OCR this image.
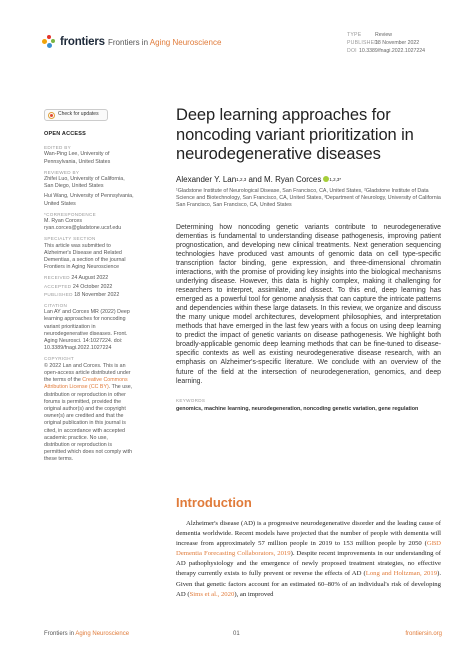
frontiers Frontiers in Aging Neuroscience
TYPE	Review
PUBLISHED18 November 2022
DOI 10.3389/fnagi.2022.1027224
Check for updates
OPEN ACCESS
EDITED BY
Wan-Ping Lee, University of Pennsylvania, United States
REVIEWED BY
Zhifei Luo, University of California, San Diego, United States
Hui Wang, University of Pennsylvania, United States
*CORRESPONDENCE
M. Ryan Corces
ryan.corces@gladstone.ucsf.edu
SPECIALTY SECTION
This article was submitted to Alzheimer's Disease and Related Dementias, a section of the journal Frontiers in Aging Neuroscience
RECEIVED 24 August 2022
ACCEPTED 24 October 2022
PUBLISHED 18 November 2022
CITATION
Lan AY and Corces MR (2022) Deep learning approaches for noncoding variant prioritization in neurodegenerative diseases. Front. Aging Neurosci. 14:1027224. doi: 10.3389/fnagi.2022.1027224
COPYRIGHT
© 2022 Lan and Corces. This is an open-access article distributed under the terms of the Creative Commons Attribution License (CC BY). The use, distribution or reproduction in other forums is permitted, provided the original author(s) and the copyright owner(s) are credited and that the original publication in this journal is cited, in accordance with accepted academic practice. No use, distribution or reproduction is permitted which does not comply with these terms.
Deep learning approaches for noncoding variant prioritization in neurodegenerative diseases
Alexander Y. Lan 1,2,3 and M. Ryan Corces 1,2,3*
¹Gladstone Institute of Neurological Disease, San Francisco, CA, United States, ²Gladstone Institute of Data Science and Biotechnology, San Francisco, CA, United States, ³Department of Neurology, University of California San Francisco, San Francisco, CA, United States

Determining how noncoding genetic variants contribute to neurodegenerative dementias is fundamental to understanding disease pathogenesis, improving patient prognostication, and developing new clinical treatments. Next generation sequencing technologies have produced vast amounts of genomic data on cell type-specific transcription factor binding, gene expression, and three-dimensional chromatin interactions, with the promise of providing key insights into the biological mechanisms underlying disease. However, this data is highly complex, making it challenging for researchers to interpret, assimilate, and dissect. To this end, deep learning has emerged as a powerful tool for genome analysis that can capture the intricate patterns and dependencies within these large datasets. In this review, we organize and discuss the many unique model architectures, development philosophies, and interpretation methods that have emerged in the last few years with a focus on using deep learning to predict the impact of genetic variants on disease pathogenesis. We highlight both broadly-applicable genomic deep learning methods that can be fine-tuned to disease-specific contexts as well as existing neurodegenerative disease research, with an emphasis on Alzheimer's-specific literature. We conclude with an overview of the future of the field at the intersection of neurodegeneration, genomics, and deep learning.

KEYWORDS
genomics, machine learning, neurodegeneration, noncoding genetic variation, gene regulation
Introduction

Alzheimer's disease (AD) is a progressive neurodegenerative disorder and the leading cause of dementia worldwide. Recent models have projected that the number of people with dementia will increase from approximately 57 million people in 2019 to 153 million people by 2050 (GBD Dementia Forecasting Collaborators, 2019). Despite recent improvements in our understanding of AD pathophysiology and the emergence of newly proposed treatment strategies, no effective therapy currently exists to fully prevent or reverse the effects of AD (Long and Holtzman, 2019). Given that genetic factors account for an estimated 60–80% of an individual's risk of developing AD (Sims et al., 2020), an improved

Frontiers in Aging Neuroscience	01	frontiersin.org
